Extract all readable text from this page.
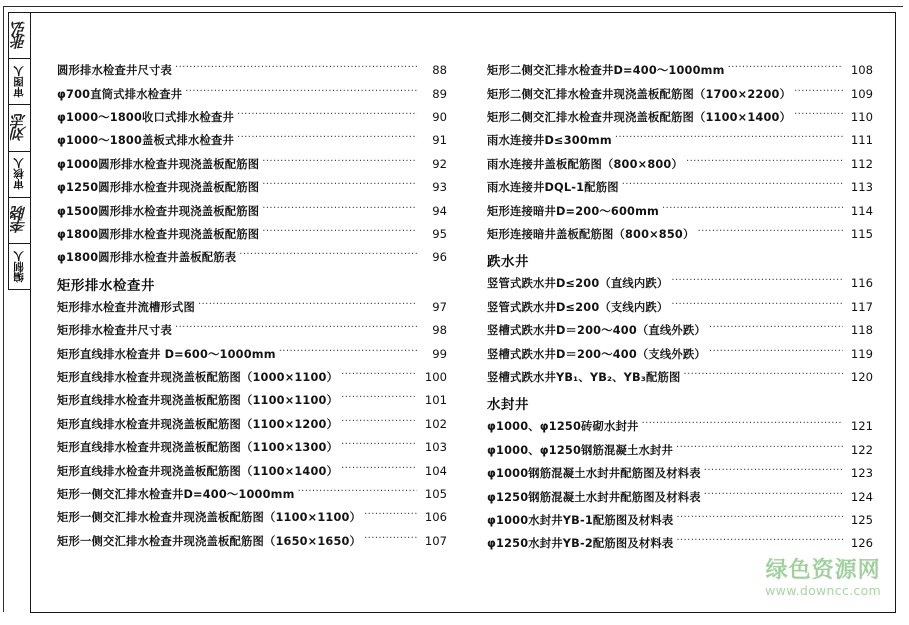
圆形排水检查井尺寸表 ·····	88
φ700直筒式排水检查井 ·····	89
φ1000～1800收口式排水检查井 ·····	90
φ1000～1800盖板式排水检查井 ·····	91
φ1000圆形排水检查井现浇盖板配筋图 ·····	92
φ1250圆形排水检查井现浇盖板配筋图 ·····	93
φ1500圆形排水检查井现浇盖板配筋图 ·····	94
φ1800圆形排水检查井现浇盖板配筋图 ·····	95
φ1800圆形排水检查井盖板配筋表 ·····	96
矩形排水检查井
矩形排水检查井流槽形式图 ·····	97
矩形排水检查井尺寸表 ·····	98
矩形直线排水检查井 D=600～1000mm ·····	99
矩形直线排水检查井现浇盖板配筋图（1000×1100） ·····	100
矩形直线排水检查井现浇盖板配筋图（1100×1100） ·····	101
矩形直线排水检查井现浇盖板配筋图（1100×1200） ·····	102
矩形直线排水检查井现浇盖板配筋图（1100×1300） ·····	103
矩形直线排水检查井现浇盖板配筋图（1100×1400） ·····	104
矩形一侧交汇排水检查井D=400～1000mm ·····	105
矩形一侧交汇排水检查井现浇盖板配筋图（1100×1100） ·····	106
矩形一侧交汇排水检查井现浇盖板配筋图（1650×1650） ·····	107
矩形二侧交汇排水检查井D=400～1000mm ·····	108
矩形二侧交汇排水检查井现浇盖板配筋图（1700×2200） ·····	109
矩形二侧交汇排水检查井现浇盖板配筋图（1100×1400） ·····	110
雨水连接井D≤300mm ·····	111
雨水连接井盖板配筋图（800×800） ·····	112
雨水连接井DQL-1配筋图 ·····	113
矩形连接暗井D=200～600mm ·····	114
矩形连接暗井盖板配筋图（800×850） ·····	115
跌水井
竖管式跌水井D≤200（直线内跌） ·····	116
竖管式跌水井D≤200（支线内跌） ·····	117
竖槽式跌水井D＝200～400（直线外跌） ·····	118
竖槽式跌水井D＝200～400（支线外跌） ·····	119
竖槽式跌水井YB₁、YB₂、YB₃配筋图 ·····	120
水封井
φ1000、φ1250砖砌水封井 ·····	121
φ1000、φ1250钢筋混凝土水封井 ·····	122
φ1000钢筋混凝土水封井配筋图及材料表 ·····	123
φ1250钢筋混凝土水封井配筋图及材料表 ·····	124
φ1000水封井YB-1配筋图及材料表 ·····	125
φ1250水封井YB-2配筋图及材料表 ·····	126
绿色资源网
www.downcc.com
张弘
审图人
刘志
审核人
李晓
编制人
